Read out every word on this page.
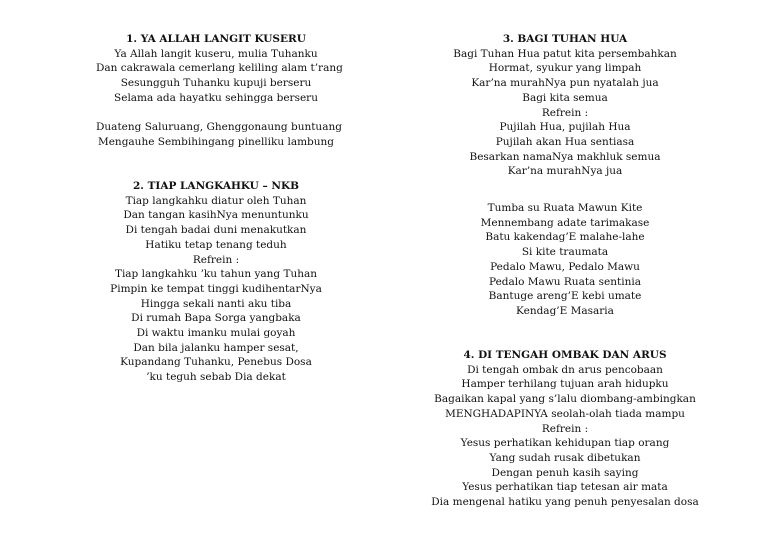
1. YA ALLAH LANGIT KUSERU

Ya Allah langit kuseru, mulia Tuhanku

Dan cakrawala cemerlang keliling alam t’rang

Sesungguh Tuhanku kupuji berseru

Selama ada hayatku sehingga berseru

Duateng Saluruang, Ghenggonaung buntuang

Mengauhe Sembihingang pinelliku lambung

2. TIAP LANGKAHKU – NKB

Tiap langkahku diatur oleh Tuhan

Dan tangan kasihNya menuntunku

Di tengah badai duni menakutkan

Hatiku tetap tenang teduh

Refrein :

Tiap langkahku ’ku tahun yang Tuhan

Pimpin ke tempat tinggi kudihentarNya

Hingga sekali nanti aku tiba

Di rumah Bapa Sorga yangbaka

Di waktu imanku mulai goyah

Dan bila jalanku hamper sesat,

Kupandang Tuhanku, Penebus Dosa

’ku teguh sebab Dia dekat

3. BAGI TUHAN HUA

Bagi Tuhan Hua patut kita persembahkan

Hormat, syukur yang limpah

Kar’na murahNya pun nyatalah jua

Bagi kita semua

Refrein :

Pujilah Hua, pujilah Hua

Pujilah akan Hua sentiasa

Besarkan namaNya makhluk semua

Kar’na murahNya jua

Tumba su Ruata Mawun Kite

Mennembang adate tarimakase

Batu kakendag’E malahe-lahe

Si kite traumata

Pedalo Mawu, Pedalo Mawu

Pedalo Mawu Ruata sentinia

Bantuge areng’E kebi umate

Kendag’E Masaria

4. DI TENGAH OMBAK DAN ARUS

Di tengah ombak dn arus pencobaan

Hamper terhilang tujuan arah hidupku

Bagaikan kapal yang s’lalu diombang-ambingkan

MENGHADAPINYA seolah-olah tiada mampu

Refrein :

Yesus perhatikan kehidupan tiap orang

Yang sudah rusak dibetukan

Dengan penuh kasih saying

Yesus perhatikan tiap tetesan air mata

Dia mengenal hatiku yang penuh penyesalan dosa
